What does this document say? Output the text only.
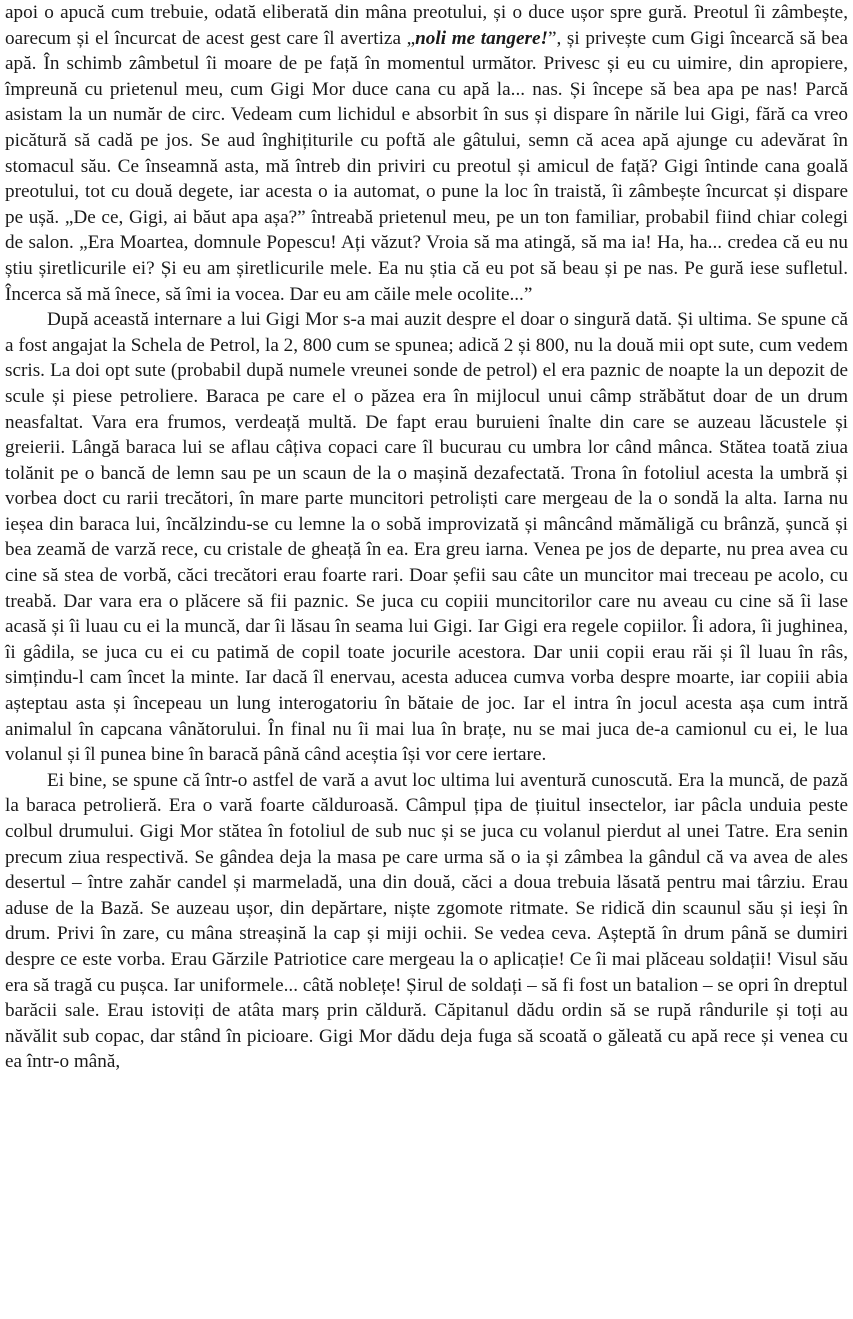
apoi o apucă cum trebuie, odată eliberată din mâna preotului, și o duce ușor spre gură. Preotul îi zâmbește, oarecum și el încurcat de acest gest care îl avertiza „noli me tangere!”, și privește cum Gigi încearcă să bea apă. În schimb zâmbetul îi moare de pe față în momentul următor. Privesc și eu cu uimire, din apropiere, împreună cu prietenul meu, cum Gigi Mor duce cana cu apă la... nas. Și începe să bea apa pe nas! Parcă asistam la un număr de circ. Vedeam cum lichidul e absorbit în sus și dispare în nările lui Gigi, fără ca vreo picătură să cadă pe jos. Se aud înghițiturile cu poftă ale gâtului, semn că acea apă ajunge cu adevărat în stomacul său. Ce înseamnă asta, mă întreb din priviri cu preotul și amicul de față? Gigi întinde cana goală preotului, tot cu două degete, iar acesta o ia automat, o pune la loc în traistă, îi zâmbește încurcat și dispare pe ușă. „De ce, Gigi, ai băut apa așa?” întreabă prietenul meu, pe un ton familiar, probabil fiind chiar colegi de salon. „Era Moartea, domnule Popescu! Ați văzut? Vroia să ma atingă, să ma ia! Ha, ha... credea că eu nu știu șiretlicurile ei? Și eu am șiretlicurile mele. Ea nu știa că eu pot să beau și pe nas. Pe gură iese sufletul. Încerca să mă înece, să îmi ia vocea. Dar eu am căile mele ocolite...”

După această internare a lui Gigi Mor s-a mai auzit despre el doar o singură dată. Și ultima. Se spune că a fost angajat la Schela de Petrol, la 2, 800 cum se spunea; adică 2 și 800, nu la două mii opt sute, cum vedem scris. La doi opt sute (probabil după numele vreunei sonde de petrol) el era paznic de noapte la un depozit de scule și piese petroliere. Baraca pe care el o păzea era în mijlocul unui câmp străbătut doar de un drum neasfaltat. Vara era frumos, verdeață multă. De fapt erau buruieni înalte din care se auzeau lăcustele și greierii. Lângă baraca lui se aflau câțiva copaci care îl bucurau cu umbra lor când mânca. Stătea toată ziua tolănit pe o bancă de lemn sau pe un scaun de la o mașină dezafectată. Trona în fotoliul acesta la umbră și vorbea doct cu rarii trecători, în mare parte muncitori petroliști care mergeau de la o sondă la alta. Iarna nu ieșea din baraca lui, încălzindu-se cu lemne la o sobă improvizată și mâncând mămăligă cu brânză, șuncă și bea zeamă de varză rece, cu cristale de gheață în ea. Era greu iarna. Venea pe jos de departe, nu prea avea cu cine să stea de vorbă, căci trecători erau foarte rari. Doar șefii sau câte un muncitor mai treceau pe acolo, cu treabă. Dar vara era o plăcere să fii paznic. Se juca cu copiii muncitorilor care nu aveau cu cine să îi lase acasă și îi luau cu ei la muncă, dar îi lăsau în seama lui Gigi. Iar Gigi era regele copiilor. Îi adora, îi jughinea, îi gâdila, se juca cu ei cu patimă de copil toate jocurile acestora. Dar unii copii erau răi și îl luau în râs, simțindu-l cam încet la minte. Iar dacă îl enervau, acesta aducea cumva vorba despre moarte, iar copiii abia așteptau asta și începeau un lung interogatoriu în bătaie de joc. Iar el intra în jocul acesta așa cum intră animalul în capcana vânătorului. În final nu îi mai lua în brațe, nu se mai juca de-a camionul cu ei, le lua volanul și îl punea bine în baracă până când aceștia își vor cere iertare.

Ei bine, se spune că într-o astfel de vară a avut loc ultima lui aventură cunoscută. Era la muncă, de pază la baraca petrolieră. Era o vară foarte călduroasă. Câmpul țipa de țiuitul insectelor, iar pâcla unduia peste colbul drumului. Gigi Mor stătea în fotoliul de sub nuc și se juca cu volanul pierdut al unei Tatre. Era senin precum ziua respectivă. Se gândea deja la masa pe care urma să o ia și zâmbea la gândul că va avea de ales desertul – între zahăr candel și marmeladă, una din două, căci a doua trebuia lăsată pentru mai târziu. Erau aduse de la Bază. Se auzeau ușor, din depărtare, niște zgomote ritmate. Se ridică din scaunul său și ieși în drum. Privi în zare, cu mâna streașină la cap și miji ochii. Se vedea ceva. Așteptă în drum până se dumiri despre ce este vorba. Erau Gărzile Patriotice care mergeau la o aplicație! Ce îi mai plăceau soldații! Visul său era să tragă cu pușca. Iar uniformele... câtă noblețe! Șirul de soldați – să fi fost un batalion – se opri în dreptul barăcii sale. Erau istoviți de atâta marș prin căldură. Căpitanul dădu ordin să se rupă rândurile și toți au năvălit sub copac, dar stând în picioare. Gigi Mor dădu deja fuga să scoată o găleată cu apă rece și venea cu ea într-o mână,
